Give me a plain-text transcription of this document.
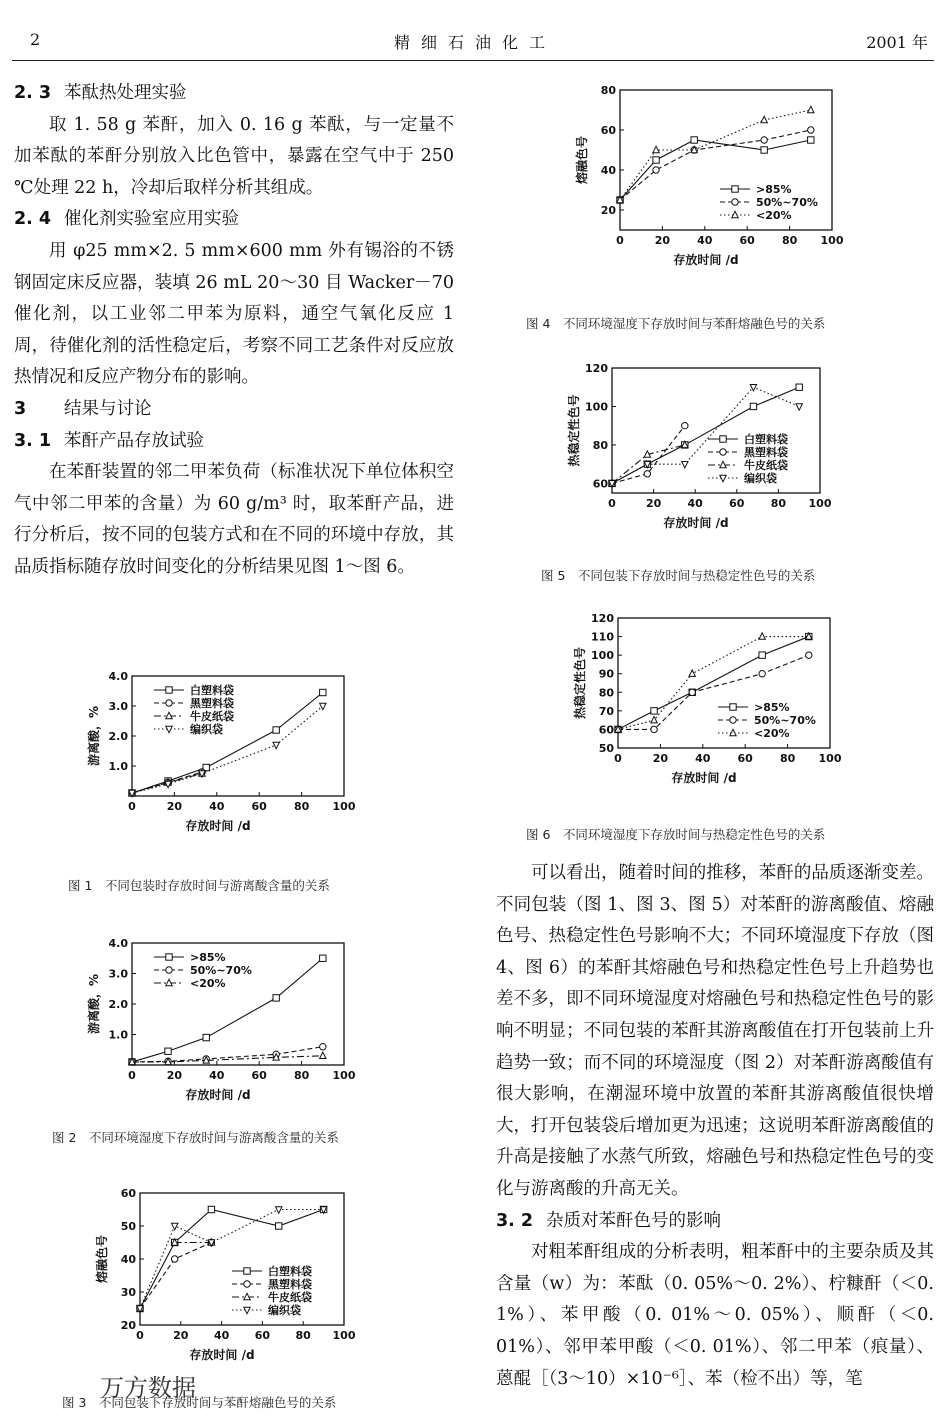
2	精细石油化工	2001 年
2. 3 苯酞热处理实验
取 1. 58 g 苯酐，加入 0. 16 g 苯酞，与一定量不加苯酞的苯酐分别放入比色管中，暴露在空气中于 250 ℃处理 22 h，冷却后取样分析其组成。
2. 4 催化剂实验室应用实验
用 φ25 mm×2. 5 mm×600 mm 外有锡浴的不锈钢固定床反应器，装填 26 mL 20～30 目 Wacker－70 催化剂，以工业邻二甲苯为原料，通空气氧化反应 1 周，待催化剂的活性稳定后，考察不同工艺条件对反应放热情况和反应产物分布的影响。
3 结果与讨论
3. 1 苯酐产品存放试验
在苯酐装置的邻二甲苯负荷（标准状况下单位体积空气中邻二甲苯的含量）为 60 g/m³ 时，取苯酐产品，进行分析后，按不同的包装方式和在不同的环境中存放，其品质指标随存放时间变化的分析结果见图 1～图 6。
可以看出，随着时间的推移，苯酐的品质逐渐变差。不同包装（图 1、图 3、图 5）对苯酐的游离酸值、熔融色号、热稳定性色号影响不大；不同环境湿度下存放（图 4、图 6）的苯酐其熔融色号和热稳定性色号上升趋势也差不多，即不同环境湿度对熔融色号和热稳定性色号的影响不明显；不同包装的苯酐其游离酸值在打开包装前上升趋势一致；而不同的环境湿度（图 2）对苯酐游离酸值有很大影响，在潮湿环境中放置的苯酐其游离酸值很快增大，打开包装袋后增加更为迅速；这说明苯酐游离酸值的升高是接触了水蒸气所致，熔融色号和热稳定性色号的变化与游离酸的升高无关。
3. 2 杂质对苯酐色号的影响
对粗苯酐组成的分析表明，粗苯酐中的主要杂质及其含量（w）为：苯酞（0. 05%～0. 2%）、柠糠酐（＜0. 1%）、苯甲酸（0. 01%～0. 05%）、顺酐（＜0. 01%）、邻甲苯甲酸（＜0. 01%）、邻二甲苯（痕量）、蒽醌［（3～10）×10⁻⁶］、苯（检不出）等，笔
0	20 40 60 80 100
1.0
2.0
3.0
4.0
存放时间 /d
游离酸，%
白塑料袋
黑塑料袋
牛皮纸袋
编织袋
图 1　不同包装时存放时间与游离酸含量的关系
0	20 40 60 80 100
1.0
2.0
3.0
4.0
存放时间 /d
游离酸，%
>85%
50%~70%
<20%
图 2　不同环境湿度下存放时间与游离酸含量的关系
0	20 40 60 80 100
20
30
40
50
60
存放时间 /d
熔融色号	白塑料袋
黑塑料袋
牛皮纸袋
编织袋
图 3　不同包装下存放时间与苯酐熔融色号的关系
0	20 40 60 80 100
20
40
60
80
存放时间 /d
熔融色号
>85%
50%~70%
<20%
图 4　不同环境湿度下存放时间与苯酐熔融色号的关系
0	20 40 60 80 100
60
80
100
120
存放时间 /d
热稳定性色号	白塑料袋
黑塑料袋
牛皮纸袋
编织袋
图 5　不同包装下存放时间与热稳定性色号的关系
0	20 40 60 80 100
50
60
70
80
90
100
110
120
存放时间 /d
热稳定性色号	>85%
50%~70%
<20%
图 6　不同环境湿度下存放时间与热稳定性色号的关系
万方数据
